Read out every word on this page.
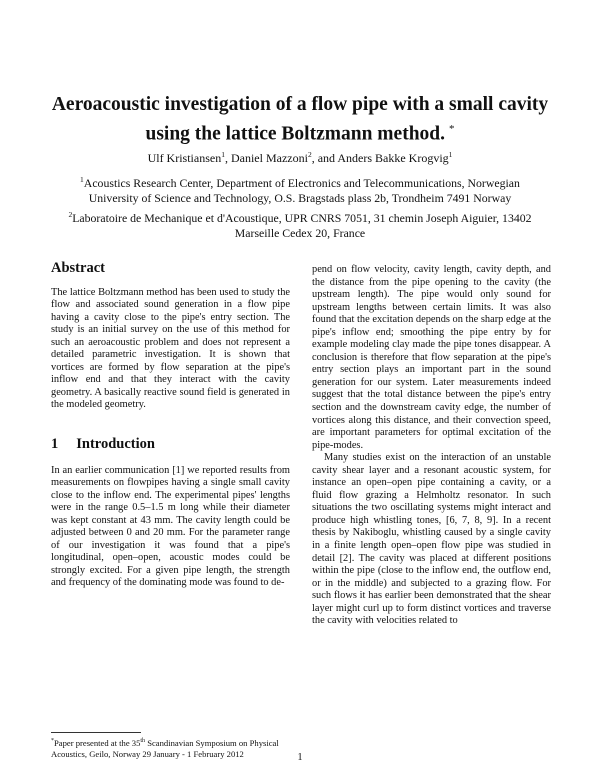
Aeroacoustic investigation of a flow pipe with a small cavity
using the lattice Boltzmann method. *
Ulf Kristiansen$^1$, Daniel Mazzoni$^2$, and Anders Bakke Krogvig$^1$
$^1$Acoustics Research Center, Department of Electronics and Telecommunications, Norwegian
University of Science and Technology, O.S. Bragstads plass 2b, Trondheim 7491 Norway
$^2$Laboratoire de Mechanique et d'Acoustique, UPR CNRS 7051, 31 chemin Joseph Aiguier, 13402
Marseille Cedex 20, France
Abstract

The lattice Boltzmann method has been used to study the flow and associated sound generation in a flow pipe having a cavity close to the pipe's entry section. The study is an initial survey on the use of this method for such an aeroacoustic problem and does not represent a detailed parametric investigation. It is shown that vortices are formed by flow separation at the pipe's inflow end and that they interact with the cavity geometry. A basically reactive sound field is generated in the modeled geometry.

1 Introduction

In an earlier communication [1] we reported results from measurements on flowpipes having a single small cavity close to the inflow end. The experimental pipes' lengths were in the range 0.5–1.5 m long while their diameter was kept constant at 43 mm. The cavity length could be adjusted between 0 and 20 mm. For the parameter range of our investigation it was found that a pipe's longitudinal, open–open, acoustic modes could be strongly excited. For a given pipe length, the strength and frequency of the dominating mode was found to de-

pend on flow velocity, cavity length, cavity depth, and the distance from the pipe opening to the cavity (the upstream length). The pipe would only sound for upstream lengths between certain limits. It was also found that the excitation depends on the sharp edge at the pipe's inflow end; smoothing the pipe entry by for example modeling clay made the pipe tones disappear. A conclusion is therefore that flow separation at the pipe's entry section plays an important part in the sound generation for our system. Later measurements indeed suggest that the total distance between the pipe's entry section and the downstream cavity edge, the number of vortices along this distance, and their convection speed, are important parameters for optimal excitation of the pipe-modes.

Many studies exist on the interaction of an unstable cavity shear layer and a resonant acoustic system, for instance an open–open pipe containing a cavity, or a fluid flow grazing a Helmholtz resonator. In such situations the two oscillating systems might interact and produce high whistling tones, [6, 7, 8, 9]. In a recent thesis by Nakiboglu, whistling caused by a single cavity in a finite length open–open flow pipe was studied in detail [2]. The cavity was placed at different positions within the pipe (close to the inflow end, the outflow end, or in the middle) and subjected to a grazing flow. For such flows it has earlier been demonstrated that the shear layer might curl up to form distinct vortices and traverse the cavity with velocities related to

*Paper presented at the 35th Scandinavian Symposium on Physical Acoustics, Geilo, Norway 29 January - 1 February 2012	1
